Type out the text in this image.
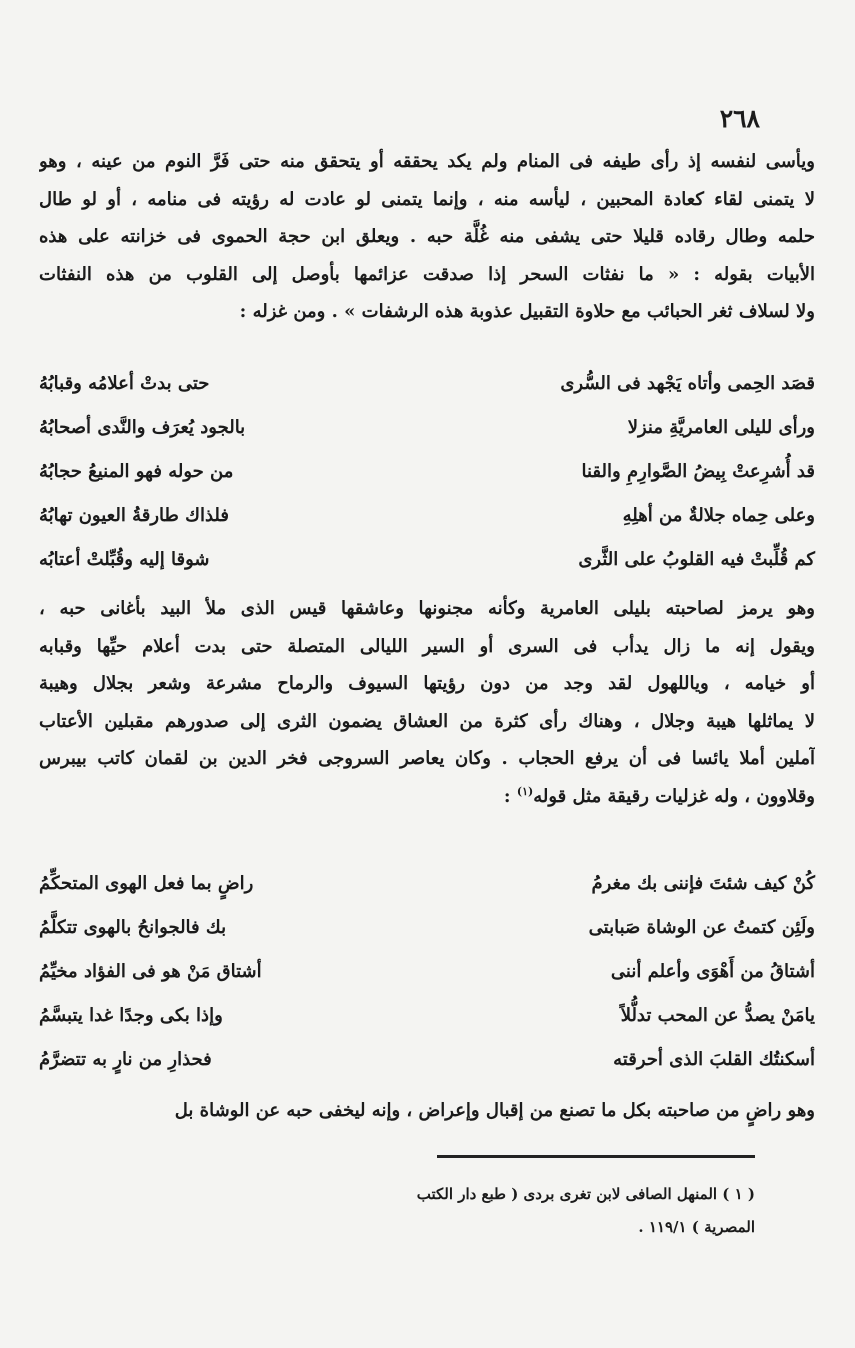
٢٦٨
ويأسى لنفسه إذ رأى طيفه فى المنام ولم يكد يحققه أو يتحقق منه حتى فَرَّ النوم من عينه ، وهو
لا يتمنى لقاء كعادة المحبين ، ليأسه منه ، وإنما يتمنى لو عادت له رؤيته فى منامه ، أو لو طال
حلمه وطال رقاده قليلا حتى يشفى منه غُلَّة حبه . ويعلق ابن حجة الحموى فى خزانته على هذه
الأبيات بقوله : « ما نفثات السحر إذا صدقت عزائمها بأوصل إلى القلوب من هذه النفثات
ولا لسلاف ثغر الحبائب مع حلاوة التقبيل عذوبة هذه الرشفات » . ومن غزله :
قصَد الحِمى وأتاه يَجْهد فى السُّرى
حتى بدتْ أعلامُه وقبابُهُ
ورأى لليلى العامريَّةِ منزلا
بالجود يُعرَف والنَّدى أصحابُهُ
قد أُشرِعتْ بِيضُ الصَّوارِمِ والقنا
من حوله فهو المنيعُ حجابُهُ
وعلى حِماه جلالةٌ من أهلِهِ
فلذاك طارقةُ العيون تهابُهُ
كم قُلِّبتْ فيه القلوبُ على الثَّرى
شوقا إليه وقُبِّلتْ أعتابُه
وهو يرمز لصاحبته بليلى العامرية وكأنه مجنونها وعاشقها قيس الذى ملأ البيد بأغانى حبه ،
ويقول إنه ما زال يدأب فى السرى أو السير الليالى المتصلة حتى بدت أعلام حيِّها وقبابه
أو خيامه ، وياللهول لقد وجد من دون رؤيتها السيوف والرماح مشرعة وشعر بجلال وهيبة
لا يماثلها هيبة وجلال ، وهناك رأى كثرة من العشاق يضمون الثرى إلى صدورهم مقبلين الأعتاب
آملين أملا يائسا فى أن يرفع الحجاب . وكان يعاصر السروجى فخر الدين بن لقمان كاتب بيبرس
وقلاوون ، وله غزليات رقيقة مثل قوله$^{(١)}$ :
كُنْ كيف شئتَ فإننى بك مغرمُ
راضٍ بما فعل الهوى المتحكِّمُ
ولَئِن كتمتُ عن الوشاة صَبابتى
بك فالجوانحُ بالهوى تتكلَّمُ
أشتاقُ من أَهْوَى وأعلم أننى
أشتاق مَنْ هو فى الفؤاد مخيِّمُ
يامَنْ يصدُّ عن المحب تدلُّلاً
وإذا بكى وجدًا غدا يتبسَّمُ
أسكنتُك القلبَ الذى أحرقته
فحذارِ من نارٍ به تتضرَّمُ
وهو راضٍ من صاحبته بكل ما تصنع من إقبال وإعراض ، وإنه ليخفى حبه عن الوشاة بل
( ١ ) المنهل الصافى لابن تغرى بردى ( طبع دار الكتب
المصرية ) ١١٩/١ .
